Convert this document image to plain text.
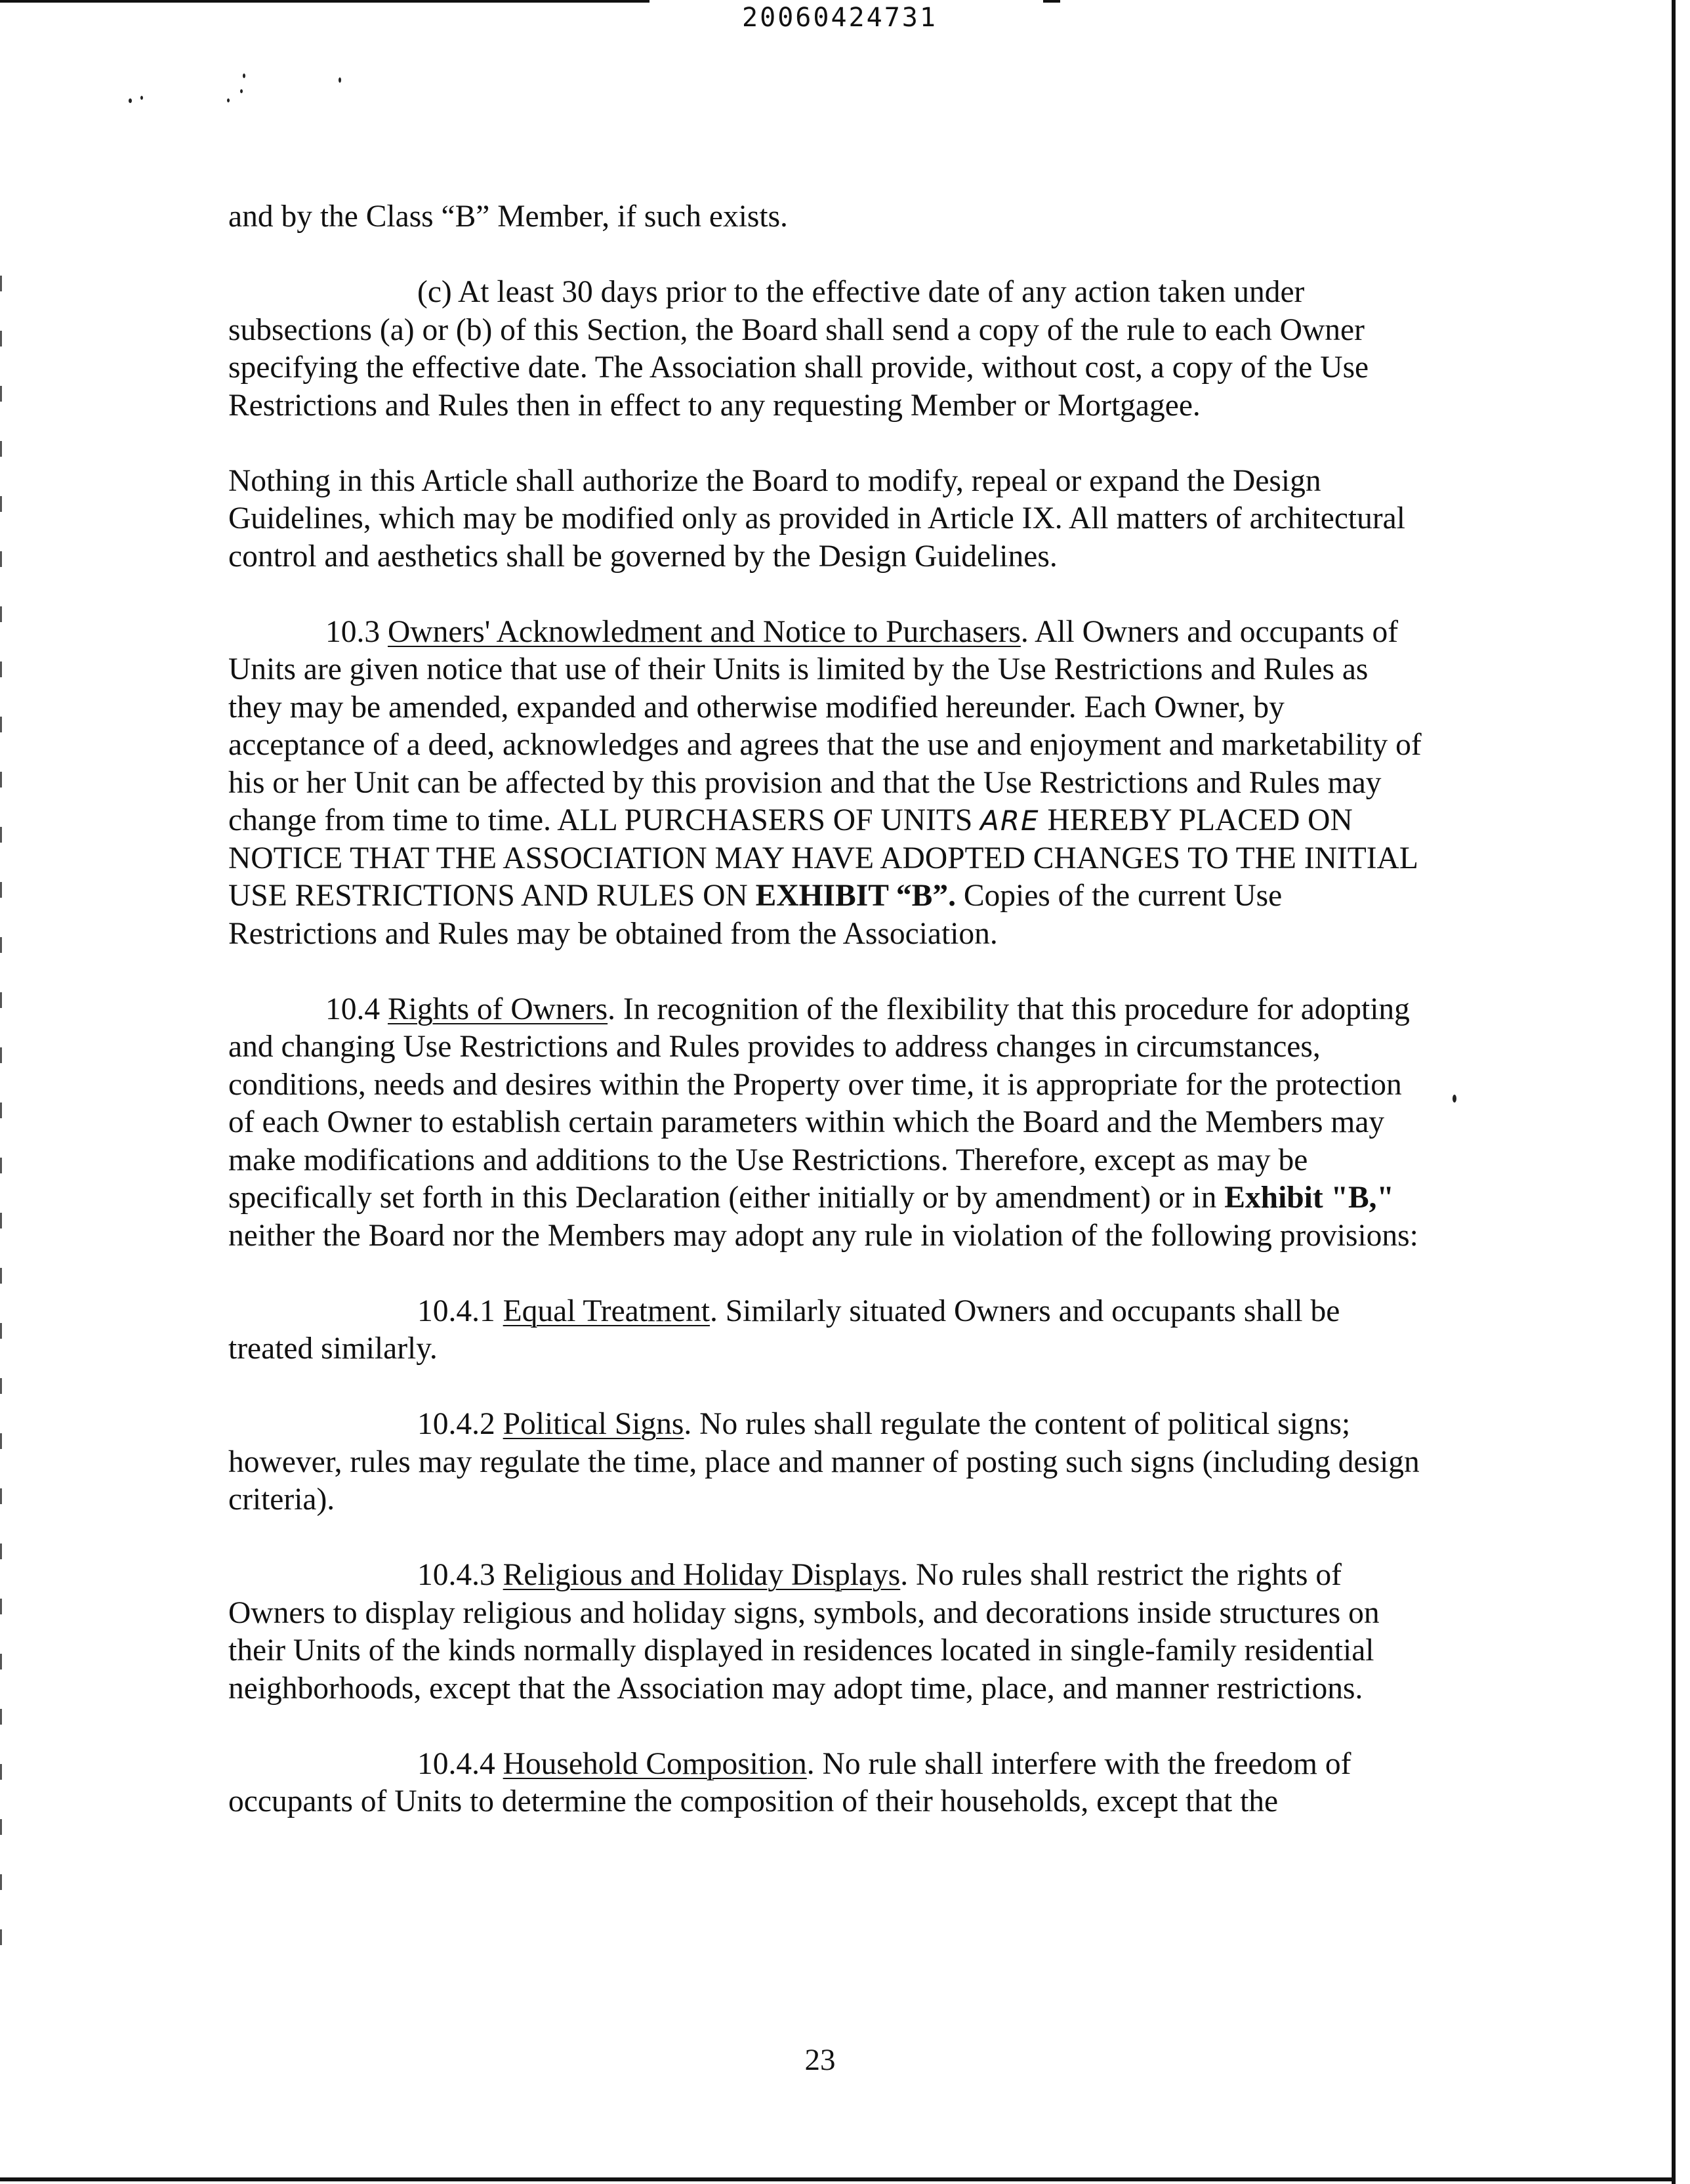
20060424731

and by the Class “B” Member, if such exists.

(c) At least 30 days prior to the effective date of any action taken under subsections (a) or (b) of this Section, the Board shall send a copy of the rule to each Owner specifying the effective date. The Association shall provide, without cost, a copy of the Use Restrictions and Rules then in effect to any requesting Member or Mortgagee.

Nothing in this Article shall authorize the Board to modify, repeal or expand the Design Guidelines, which may be modified only as provided in Article IX. All matters of architectural control and aesthetics shall be governed by the Design Guidelines.

10.3 Owners' Acknowledment and Notice to Purchasers. All Owners and occupants of Units are given notice that use of their Units is limited by the Use Restrictions and Rules as they may be amended, expanded and otherwise modified hereunder. Each Owner, by acceptance of a deed, acknowledges and agrees that the use and enjoyment and marketability of his or her Unit can be affected by this provision and that the Use Restrictions and Rules may change from time to time. ALL PURCHASERS OF UNITS ARE HEREBY PLACED ON NOTICE THAT THE ASSOCIATION MAY HAVE ADOPTED CHANGES TO THE INITIAL USE RESTRICTIONS AND RULES ON EXHIBIT “B”. Copies of the current Use Restrictions and Rules may be obtained from the Association.

10.4 Rights of Owners. In recognition of the flexibility that this procedure for adopting and changing Use Restrictions and Rules provides to address changes in circumstances, conditions, needs and desires within the Property over time, it is appropriate for the protection of each Owner to establish certain parameters within which the Board and the Members may make modifications and additions to the Use Restrictions. Therefore, except as may be specifically set forth in this Declaration (either initially or by amendment) or in Exhibit "B," neither the Board nor the Members may adopt any rule in violation of the following provisions:

10.4.1 Equal Treatment. Similarly situated Owners and occupants shall be treated similarly.

10.4.2 Political Signs. No rules shall regulate the content of political signs; however, rules may regulate the time, place and manner of posting such signs (including design criteria).

10.4.3 Religious and Holiday Displays. No rules shall restrict the rights of Owners to display religious and holiday signs, symbols, and decorations inside structures on their Units of the kinds normally displayed in residences located in single-family residential neighborhoods, except that the Association may adopt time, place, and manner restrictions.

10.4.4 Household Composition. No rule shall interfere with the freedom of occupants of Units to determine the composition of their households, except that the

23
